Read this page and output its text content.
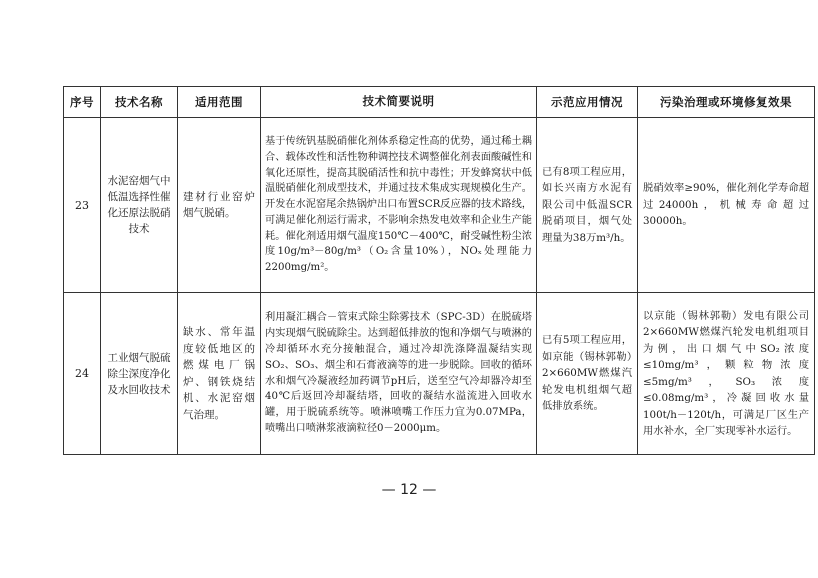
序号	技术名称	适用范围	技术简要说明	示范应用情况	污染治理或环境修复效果
23	水泥窑烟气中低温选择性催化还原法脱硝技术	建材行业窑炉烟气脱硝。	基于传统钒基脱硝催化剂体系稳定性高的优势，通过稀土耦合、载体改性和活性物种调控技术调整催化剂表面酸碱性和氧化还原性，提高其脱硝活性和抗中毒性；开发蜂窝状中低温脱硝催化剂成型技术，并通过技术集成实现规模化生产。开发在水泥窑尾余热锅炉出口布置SCR反应器的技术路线，可满足催化剂运行需求，不影响余热发电效率和企业生产能耗。催化剂适用烟气温度150℃－400℃，耐受碱性粉尘浓度10g/m³－80g/m³（O₂含量10%），NOₓ处理能力2200mg/m²。	已有8项工程应用，如长兴南方水泥有限公司中低温SCR脱硝项目，烟气处理量为38万m³/h。	脱硝效率≥90%，催化剂化学寿命超过24000h，机械寿命超过30000h。
24	工业烟气脱硫除尘深度净化及水回收技术	缺水、常年温度较低地区的燃煤电厂锅炉、钢铁烧结机、水泥窑烟气治理。	利用凝汇耦合－管束式除尘除雾技术（SPC-3D）在脱硫塔内实现烟气脱硫除尘。达到超低排放的饱和净烟气与喷淋的冷却循环水充分接触混合，通过冷却洗涤降温凝结实现SO₂、SO₃、烟尘和石膏液滴等的进一步脱除。回收的循环水和烟气冷凝液经加药调节pH后，送至空气冷却器冷却至40℃后返回冷却凝结塔，回收的凝结水溢流进入回收水罐，用于脱硫系统等。喷淋喷嘴工作压力宜为0.07MPa，喷嘴出口喷淋浆液滴粒径0－2000μm。	已有5项工程应用，如京能（锡林郭勒）2×660MW燃煤汽轮发电机组烟气超低排放系统。	以京能（锡林郭勒）发电有限公司2×660MW燃煤汽轮发电机组项目为例，出口烟气中SO₂浓度≤10mg/m³，颗粒物浓度≤5mg/m³，SO₃浓度≤0.08mg/m³，冷凝回收水量100t/h－120t/h，可满足厂区生产用水补水，全厂实现零补水运行。
— 12 —
